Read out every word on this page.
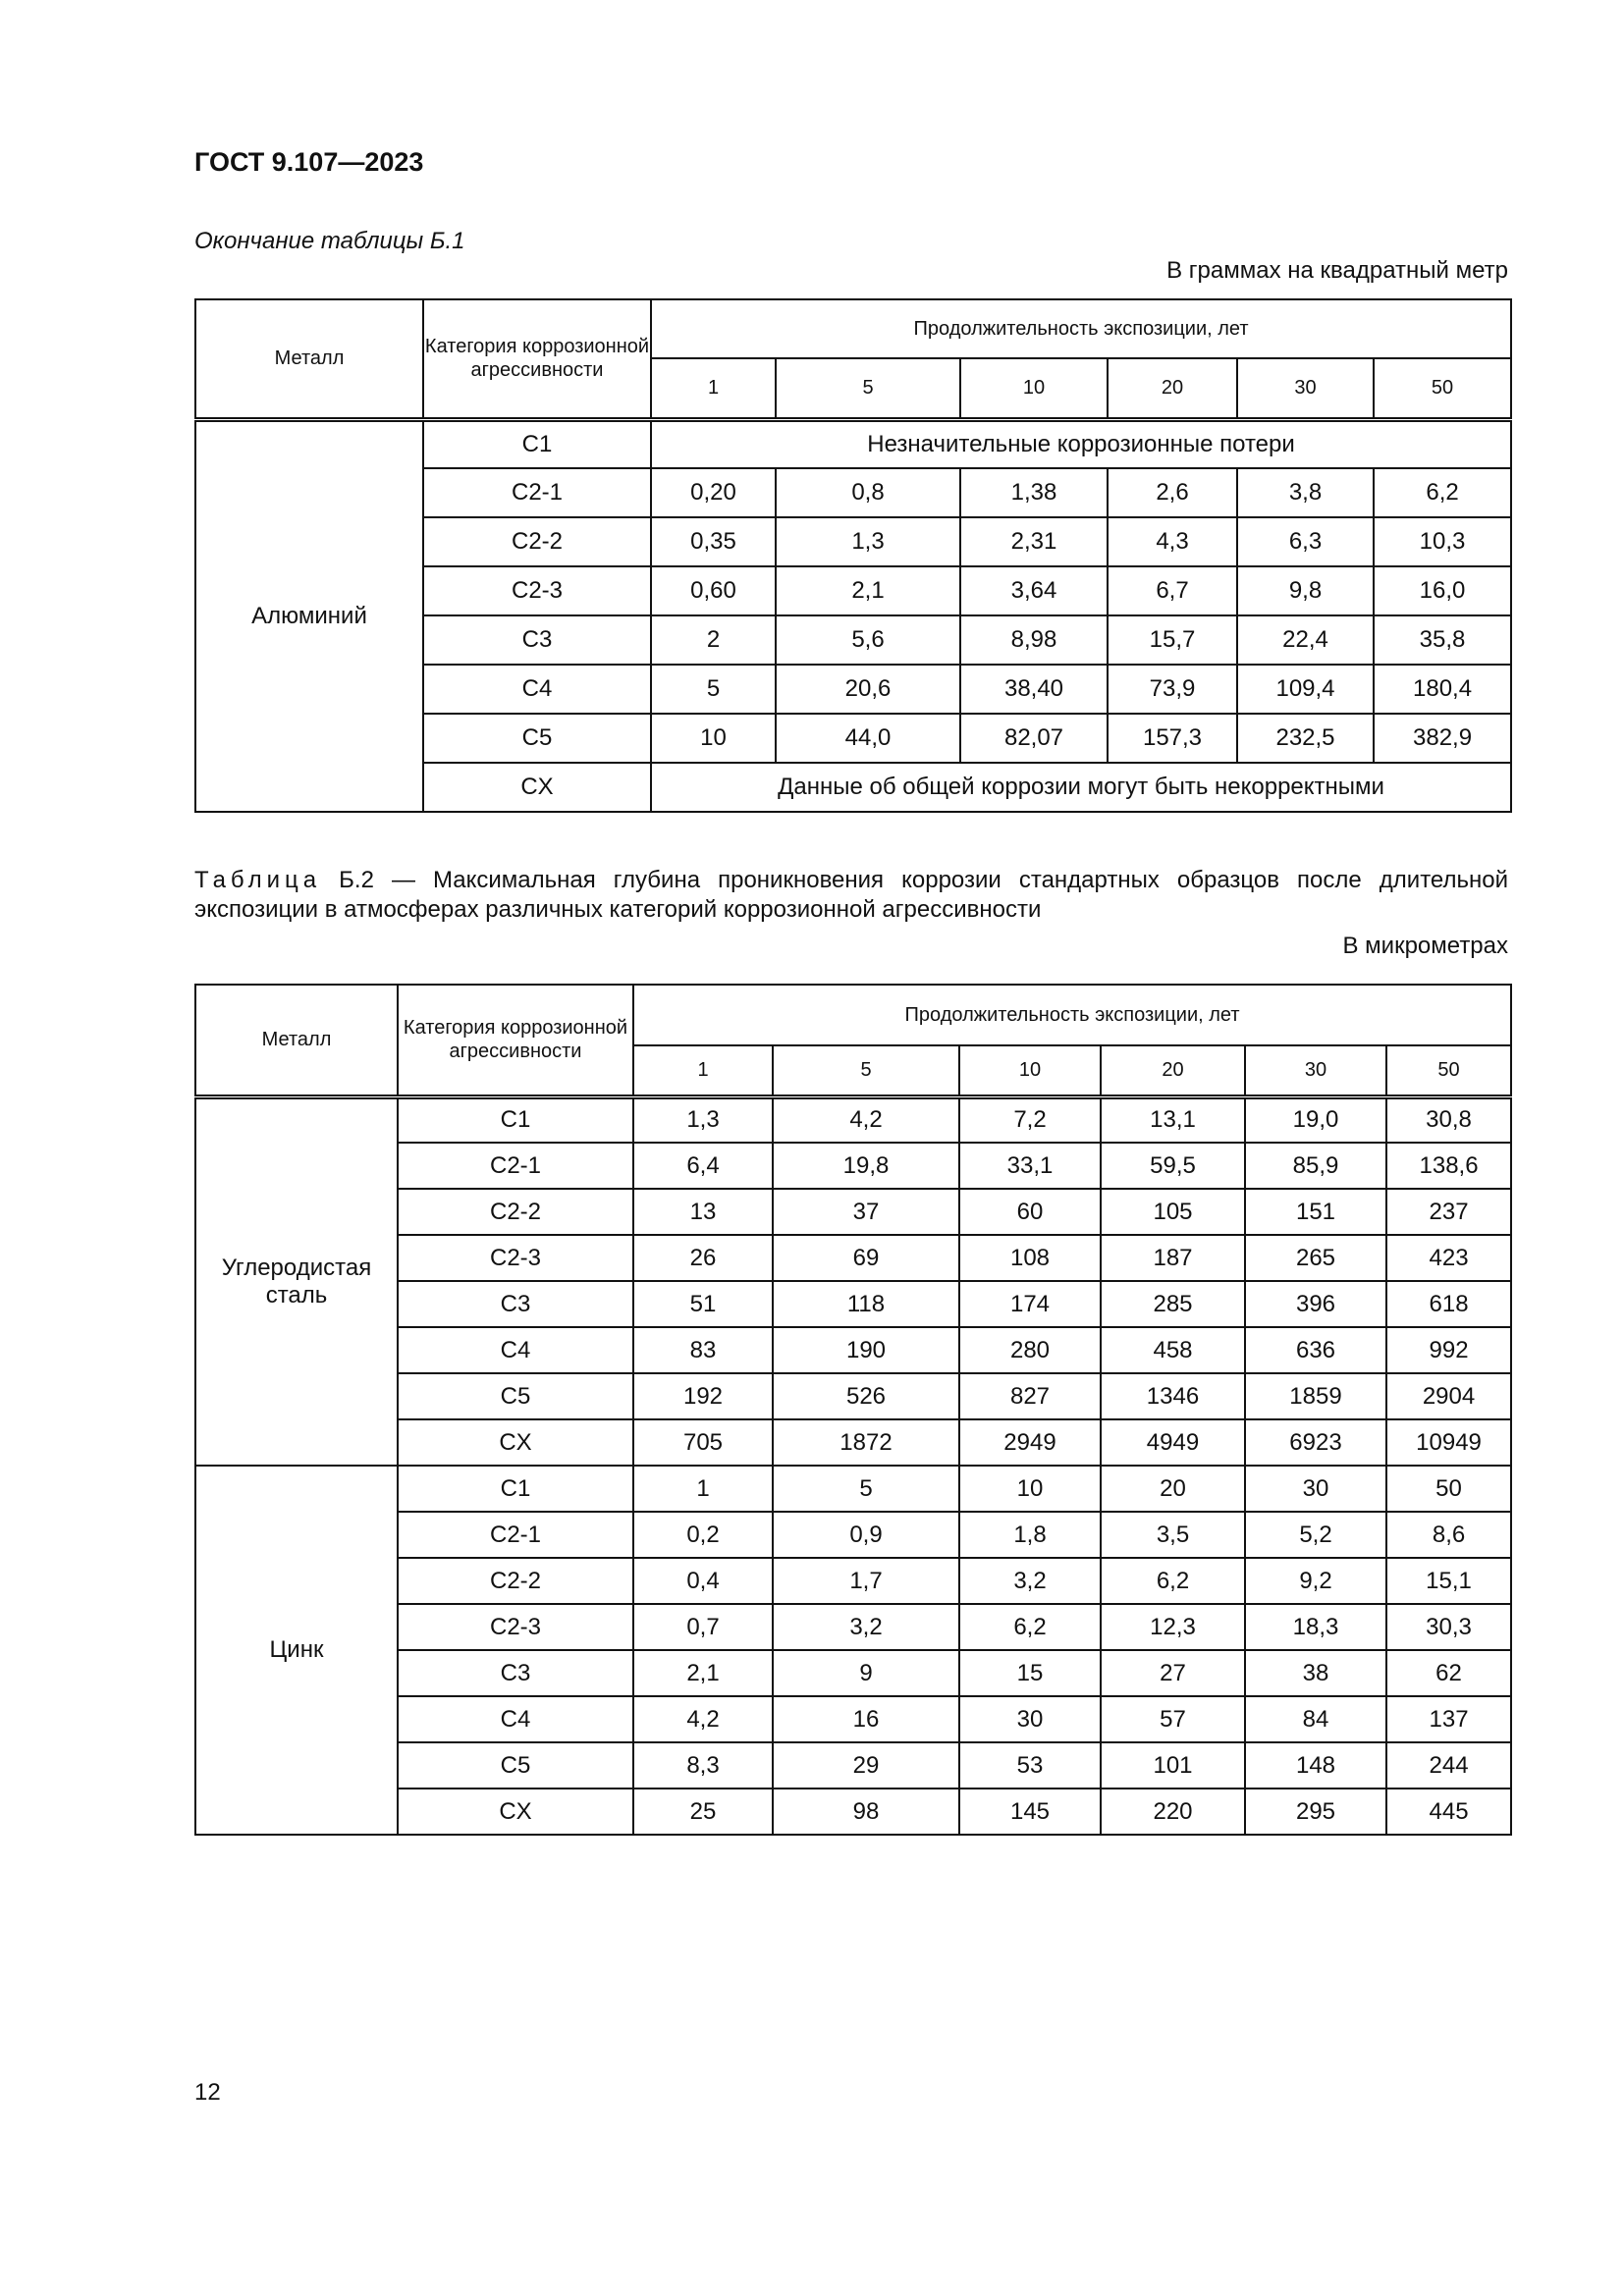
ГОСТ 9.107—2023
Окончание таблицы Б.1
В граммах на квадратный метр
Металл	Категория коррозионной агрессивности	Продолжительность экспозиции, лет					
		1	5	10	20	30	50
Алюминий	C1	Незначительные коррозионные потери					
	C2-1	0,20	0,8	1,38	2,6	3,8	6,2
	C2-2	0,35	1,3	2,31	4,3	6,3	10,3
	C2-3	0,60	2,1	3,64	6,7	9,8	16,0
	C3	2	5,6	8,98	15,7	22,4	35,8
	C4	5	20,6	38,40	73,9	109,4	180,4
	C5	10	44,0	82,07	157,3	232,5	382,9
	CX	Данные об общей коррозии могут быть некорректными					
Таблица Б.2 — Максимальная глубина проникновения коррозии стандартных образцов после длительной экспозиции в атмосферах различных категорий коррозионной агрессивности
В микрометрах
Металл	Категория коррозионной агрессивности	Продолжительность экспозиции, лет					
		1	5	10	20	30	50
Углеродистая сталь	C1	1,3	4,2	7,2	13,1	19,0	30,8
	C2-1	6,4	19,8	33,1	59,5	85,9	138,6
	C2-2	13	37	60	105	151	237
	C2-3	26	69	108	187	265	423
	C3	51	118	174	285	396	618
	C4	83	190	280	458	636	992
	C5	192	526	827	1346	1859	2904
	CX	705	1872	2949	4949	6923	10949
Цинк	C1	1	5	10	20	30	50
	C2-1	0,2	0,9	1,8	3,5	5,2	8,6
	C2-2	0,4	1,7	3,2	6,2	9,2	15,1
	C2-3	0,7	3,2	6,2	12,3	18,3	30,3
	C3	2,1	9	15	27	38	62
	C4	4,2	16	30	57	84	137
	C5	8,3	29	53	101	148	244
	CX	25	98	145	220	295	445
12
